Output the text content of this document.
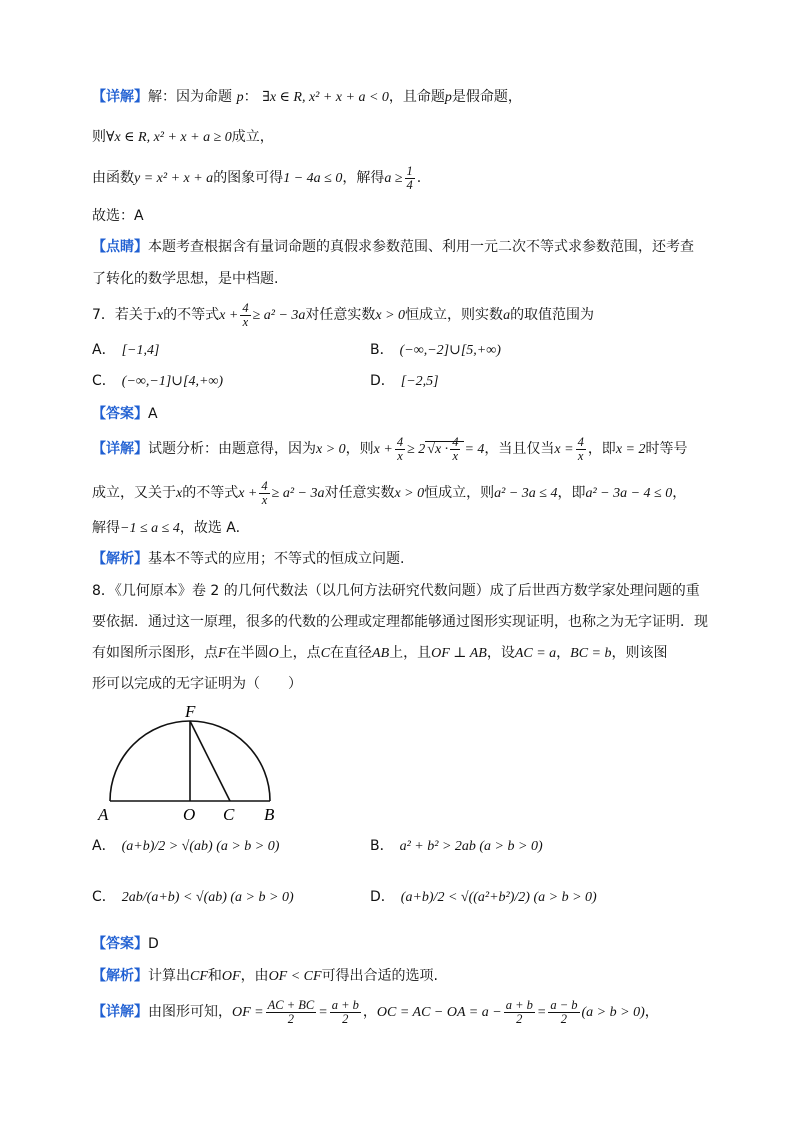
【详解】解：因为命题 p： ∃x ∈ R, x² + x + a < 0，且命题p是假命题，
则∀x ∈ R, x² + x + a ≥ 0成立，
由函数y = x² + x + a的图象可得1 − 4a ≤ 0，解得$a \ge \frac{1}{4}$ .
故选：A
【点睛】本题考查根据含有量词命题的真假求参数范围、利用一元二次不等式求参数范围，还考查
了转化的数学思想，是中档题.
7．若关于x的不等式$x + \frac{4}{x} \ge a^2 - 3a$对任意实数x > 0恒成立，则实数a的取值范围为
A． [−1,4]	B． (−∞,−2]∪[5,+∞)
C． (−∞,−1]∪[4,+∞)	D． [−2,5]
【答案】A
【详解】试题分析：由题意得，因为x > 0，则$x + \frac{4}{x} \ge 2$ $√x \cdot \frac{4}{x} = 4$，当且仅当$x = \frac{4}{x}$ ，即x = 2时等号
成立，又关于x的不等式$x + \frac{4}{x} \ge a^2 - 3a$对任意实数x > 0恒成立，则a² − 3a ≤ 4，即a² − 3a − 4 ≤ 0，
解得−1 ≤ a ≤ 4，故选 A.
【解析】基本不等式的应用；不等式的恒成立问题.
8．《几何原本》卷 2 的几何代数法（以几何方法研究代数问题）成了后世西方数学家处理问题的重
要依据．通过这一原理，很多的代数的公理或定理都能够通过图形实现证明，也称之为无字证明．现
有如图所示图形，点F在半圆O上，点C在直径AB上，且OF ⊥ AB，设AC = a，BC = b，则该图
形可以完成的无字证明为（　　）
F
A	O C B
A． (a+b)/2 > √(ab) (a > b > 0)	B． a² + b² > 2ab (a > b > 0)
C． 2ab/(a+b) < √(ab) (a > b > 0)	D． (a+b)/2 < √((a²+b²)/2) (a > b > 0)
【答案】D
【解析】计算出CF和OF，由OF < CF可得出合适的选项.
【详解】由图形可知，OF = $\frac{AC + BC}{2} = \frac{a + b}{2}$ ，OC = AC − OA = $a - \frac{a + b}{2} = \frac{a - b}{2} (a > b > 0)$，
